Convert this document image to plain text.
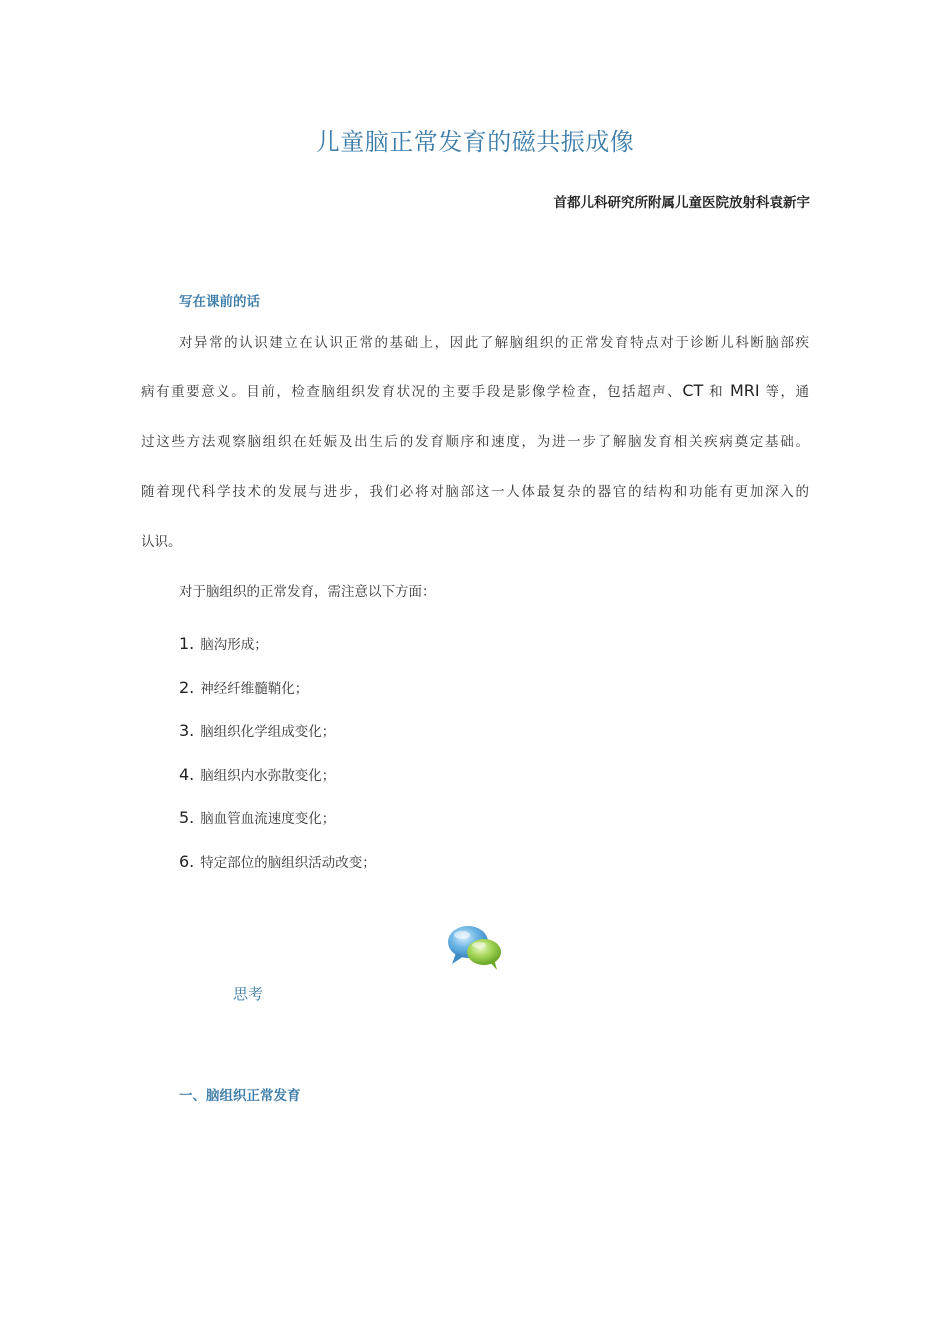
儿童脑正常发育的磁共振成像
首都儿科研究所附属儿童医院放射科袁新宇
写在课前的话
对异常的认识建立在认识正常的基础上，因此了解脑组织的正常发育特点对于诊断儿科断脑部疾
病有重要意义。目前，检查脑组织发育状况的主要手段是影像学检查，包括超声、CT 和 MRI 等，通
过这些方法观察脑组织在妊娠及出生后的发育顺序和速度，为进一步了解脑发育相关疾病奠定基础。
随着现代科学技术的发展与进步，我们必将对脑部这一人体最复杂的器官的结构和功能有更加深入的
认识。
对于脑组织的正常发育，需注意以下方面：
1. 脑沟形成；
2. 神经纤维髓鞘化；
3. 脑组织化学组成变化；
4. 脑组织内水弥散变化；
5. 脑血管血流速度变化；
6. 特定部位的脑组织活动改变；
思考
一、脑组织正常发育
